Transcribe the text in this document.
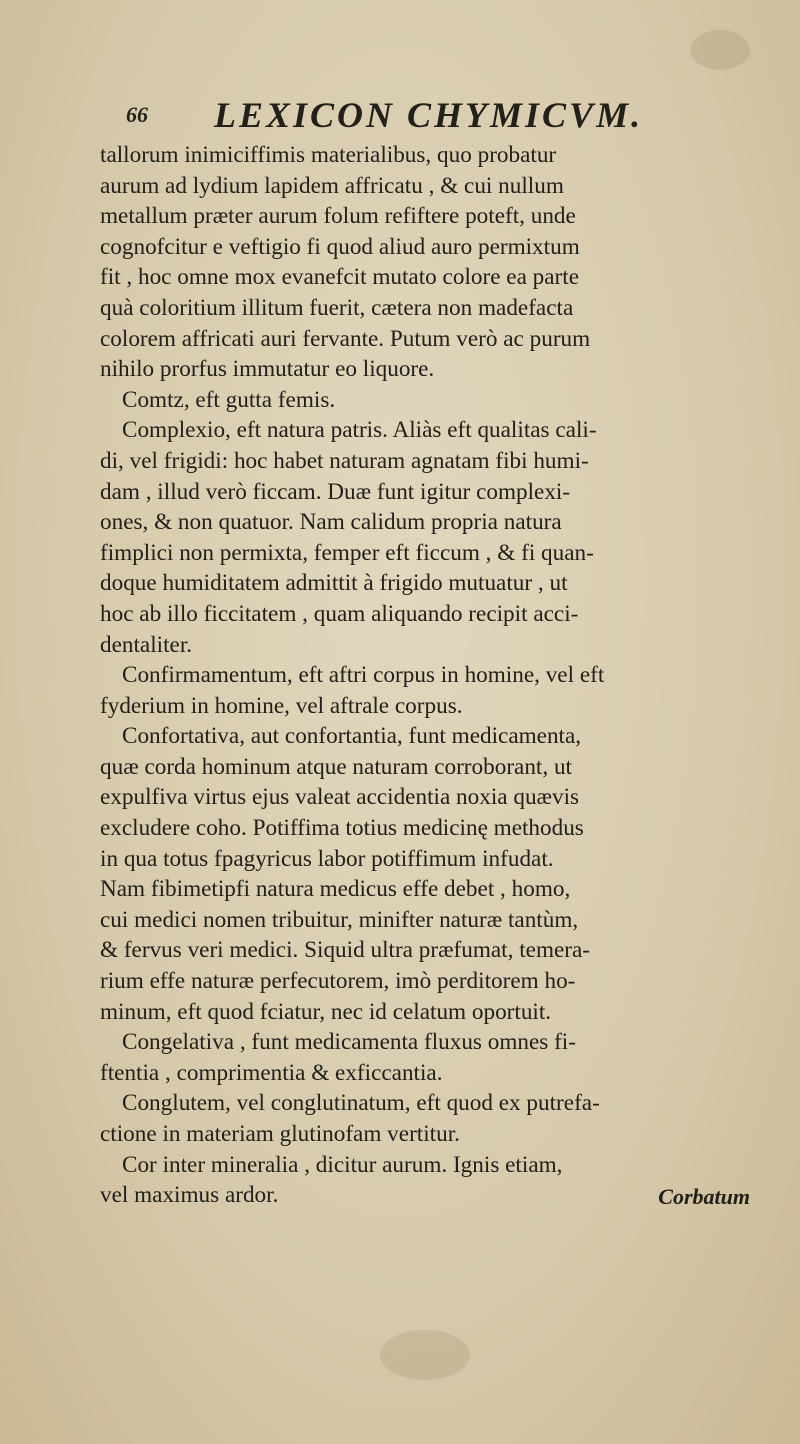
66 LEXICON CHYMICVM.
tallorum inimiciffimis materialibus, quo probatur
aurum ad lydium lapidem affricatu , & cui nullum
metallum præter aurum folum refiftere poteft, unde
cognofcitur e veftigio fi quod aliud auro permixtum
fit , hoc omne mox evanefcit mutato colore ea parte
quà coloritium illitum fuerit, cætera non madefacta
colorem affricati auri fervante. Putum verò ac purum
nihilo prorfus immutatur eo liquore.
Comtz, eft gutta femis.
Complexio, eft natura patris. Aliàs eft qualitas cali-
di, vel frigidi: hoc habet naturam agnatam fibi humi-
dam , illud verò ficcam. Duæ funt igitur complexi-
ones, & non quatuor. Nam calidum propria natura
fimplici non permixta, femper eft ficcum , & fi quan-
doque humiditatem admittit à frigido mutuatur , ut
hoc ab illo ficcitatem , quam aliquando recipit acci-
dentaliter.
Confirmamentum, eft aftri corpus in homine, vel eft
fyderium in homine, vel aftrale corpus.
Confortativa, aut confortantia, funt medicamenta,
quæ corda hominum atque naturam corroborant, ut
expulfiva virtus ejus valeat accidentia noxia quævis
excludere coho. Potiffima totius medicinę methodus
in qua totus fpagyricus labor potiffimum infudat.
Nam fibimetipfi natura medicus effe debet , homo,
cui medici nomen tribuitur, minifter naturæ tantùm,
& fervus veri medici. Siquid ultra præfumat, temera-
rium effe naturæ perfecutorem, imò perditorem ho-
minum, eft quod fciatur, nec id celatum oportuit.
Congelativa , funt medicamenta fluxus omnes fi-
ftentia , comprimentia & exficcantia.
Conglutem, vel conglutinatum, eft quod ex putrefa-
ctione in materiam glutinofam vertitur.
Cor inter mineralia , dicitur aurum. Ignis etiam,
vel maximus ardor.	Corbatum
